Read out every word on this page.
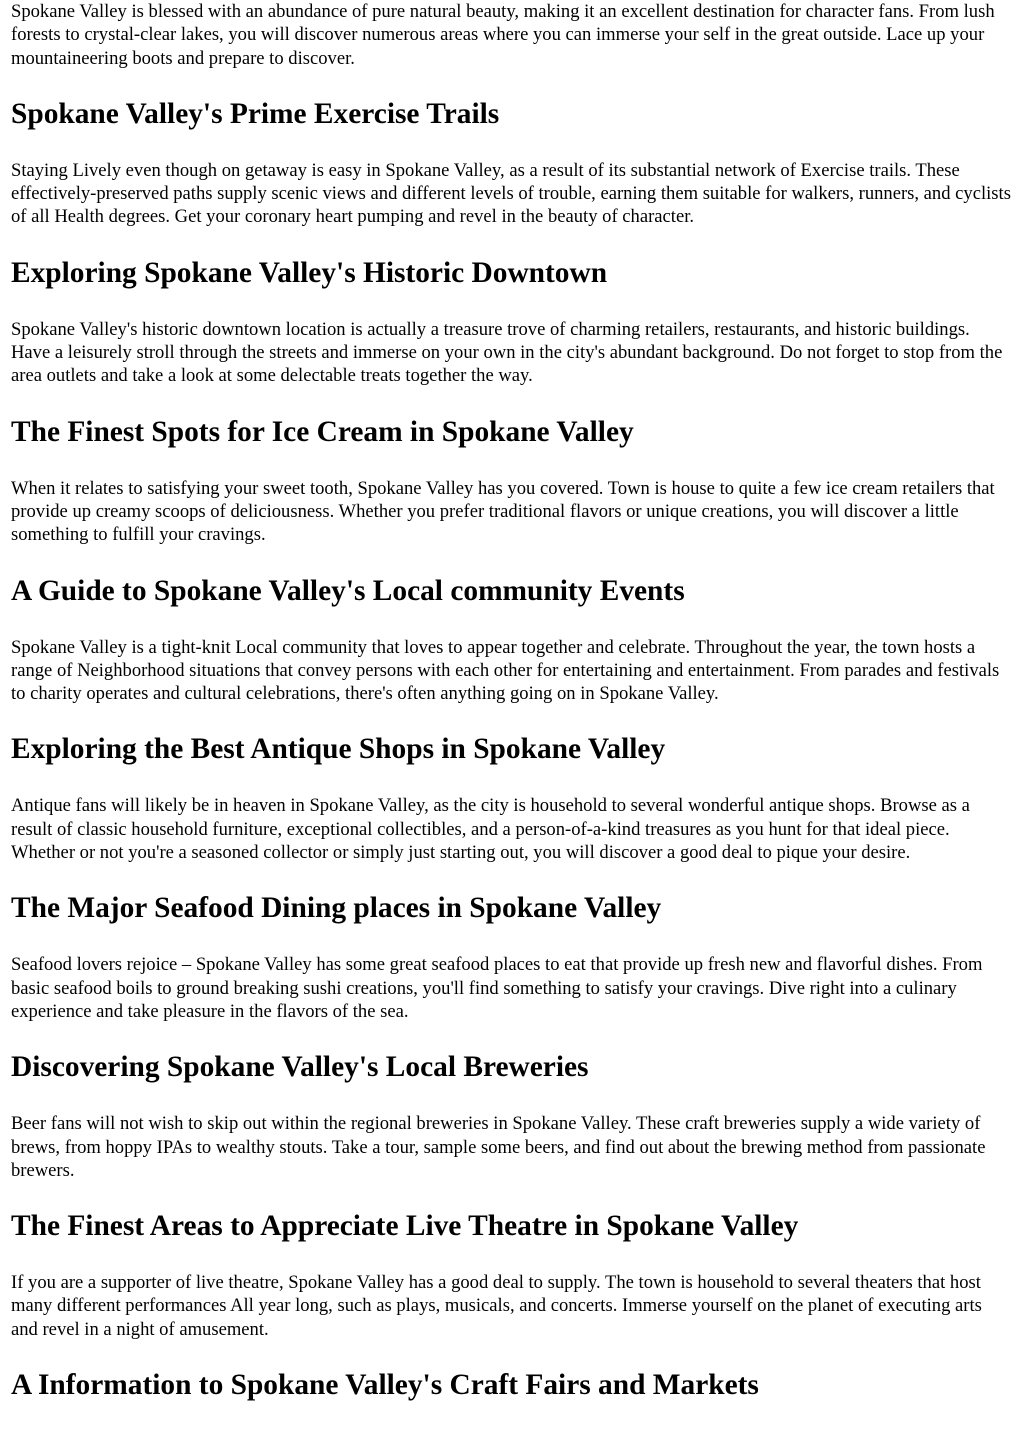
Spokane Valley is blessed with an abundance of pure natural beauty, making it an excellent destination for character fans. From lush forests to crystal-clear lakes, you will discover numerous areas where you can immerse your self in the great outside. Lace up your mountaineering boots and prepare to discover.

Spokane Valley's Prime Exercise Trails

Staying Lively even though on getaway is easy in Spokane Valley, as a result of its substantial network of Exercise trails. These effectively-preserved paths supply scenic views and different levels of trouble, earning them suitable for walkers, runners, and cyclists of all Health degrees. Get your coronary heart pumping and revel in the beauty of character.

Exploring Spokane Valley's Historic Downtown

Spokane Valley's historic downtown location is actually a treasure trove of charming retailers, restaurants, and historic buildings. Have a leisurely stroll through the streets and immerse on your own in the city's abundant background. Do not forget to stop from the area outlets and take a look at some delectable treats together the way.

The Finest Spots for Ice Cream in Spokane Valley

When it relates to satisfying your sweet tooth, Spokane Valley has you covered. Town is house to quite a few ice cream retailers that provide up creamy scoops of deliciousness. Whether you prefer traditional flavors or unique creations, you will discover a little something to fulfill your cravings.

A Guide to Spokane Valley's Local community Events

Spokane Valley is a tight-knit Local community that loves to appear together and celebrate. Throughout the year, the town hosts a range of Neighborhood situations that convey persons with each other for entertaining and entertainment. From parades and festivals to charity operates and cultural celebrations, there's often anything going on in Spokane Valley.

Exploring the Best Antique Shops in Spokane Valley

Antique fans will likely be in heaven in Spokane Valley, as the city is household to several wonderful antique shops. Browse as a result of classic household furniture, exceptional collectibles, and a person-of-a-kind treasures as you hunt for that ideal piece. Whether or not you're a seasoned collector or simply just starting out, you will discover a good deal to pique your desire.

The Major Seafood Dining places in Spokane Valley

Seafood lovers rejoice – Spokane Valley has some great seafood places to eat that provide up fresh new and flavorful dishes. From basic seafood boils to ground breaking sushi creations, you'll find something to satisfy your cravings. Dive right into a culinary experience and take pleasure in the flavors of the sea.

Discovering Spokane Valley's Local Breweries

Beer fans will not wish to skip out within the regional breweries in Spokane Valley. These craft breweries supply a wide variety of brews, from hoppy IPAs to wealthy stouts. Take a tour, sample some beers, and find out about the brewing method from passionate brewers.

The Finest Areas to Appreciate Live Theatre in Spokane Valley

If you are a supporter of live theatre, Spokane Valley has a good deal to supply. The town is household to several theaters that host many different performances All year long, such as plays, musicals, and concerts. Immerse yourself on the planet of executing arts and revel in a night of amusement.

A Information to Spokane Valley's Craft Fairs and Markets
